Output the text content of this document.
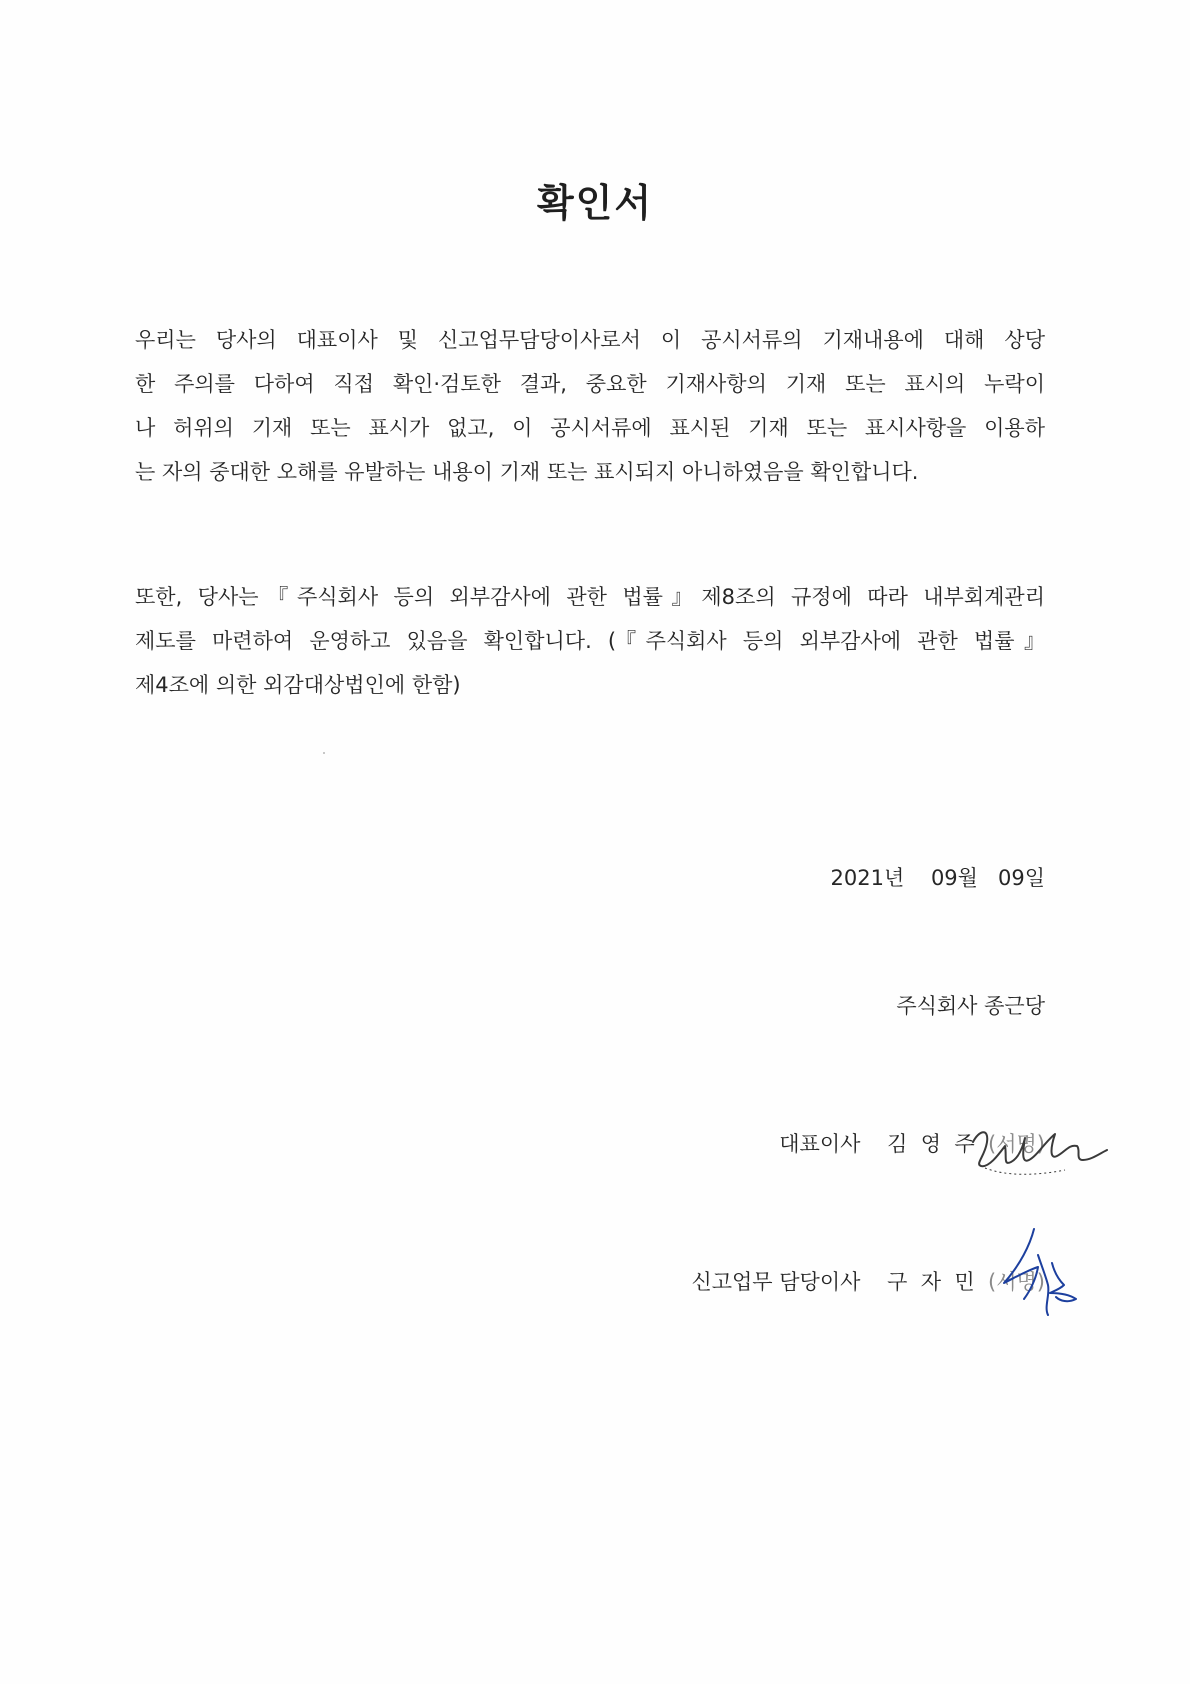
확인서
우리는 당사의 대표이사 및 신고업무담당이사로서 이 공시서류의 기재내용에 대해 상당
한 주의를 다하여 직접 확인·검토한 결과, 중요한 기재사항의 기재 또는 표시의 누락이
나 허위의 기재 또는 표시가 없고, 이 공시서류에 표시된 기재 또는 표시사항을 이용하
는 자의 중대한 오해를 유발하는 내용이 기재 또는 표시되지 아니하였음을 확인합니다.
또한, 당사는『주식회사 등의 외부감사에 관한 법률』제8조의 규정에 따라 내부회계관리
제도를 마련하여 운영하고 있음을 확인합니다. (『주식회사 등의 외부감사에 관한 법률』
제4조에 의한 외감대상법인에 한함)
2021년    09월   09일
주식회사 종근당
대표이사 김  영  주 (서명)
신고업무 담당이사 구  자  민 (서명)
